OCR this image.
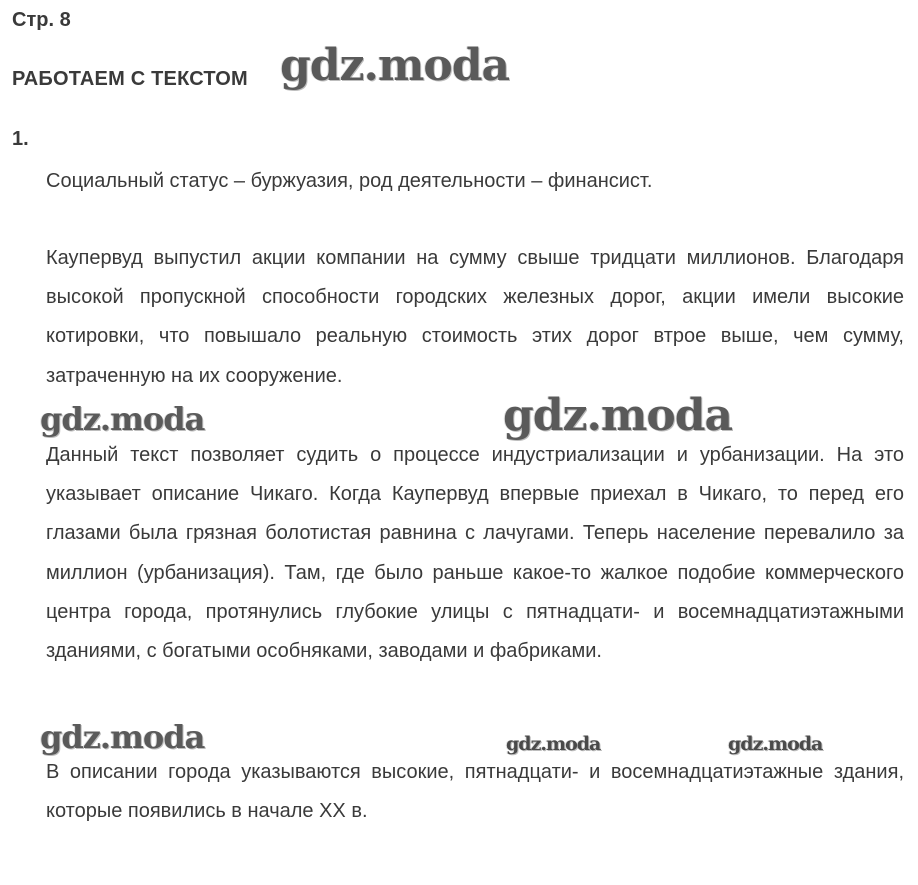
Стр. 8
РАБОТАЕМ С ТЕКСТОМ
1.

Социальный статус – буржуазия, род деятельности – финансист.

Каупервуд выпустил акции компании на сумму свыше тридцати миллионов. Благодаря высокой пропускной способности городских железных дорог, акции имели высокие котировки, что повышало реальную стоимость этих дорог втрое выше, чем сумму, затраченную на их сооружение.

Данный текст позволяет судить о процессе индустриализации и урбанизации. На это указывает описание Чикаго. Когда Каупервуд впервые приехал в Чикаго, то перед его глазами была грязная болотистая равнина с лачугами. Теперь население перевалило за миллион (урбанизация). Там, где было раньше какое-то жалкое подобие коммерческого центра города, протянулись глубокие улицы с пятнадцати- и восемнадцатиэтажными зданиями, с богатыми особняками, заводами и фабриками.

В описании города указываются высокие, пятнадцати- и восемнадцатиэтажные здания, которые появились в начале XX в.

gdz.moda
gdz.moda	gdz.moda
gdz.moda	gdz.moda	gdz.moda
